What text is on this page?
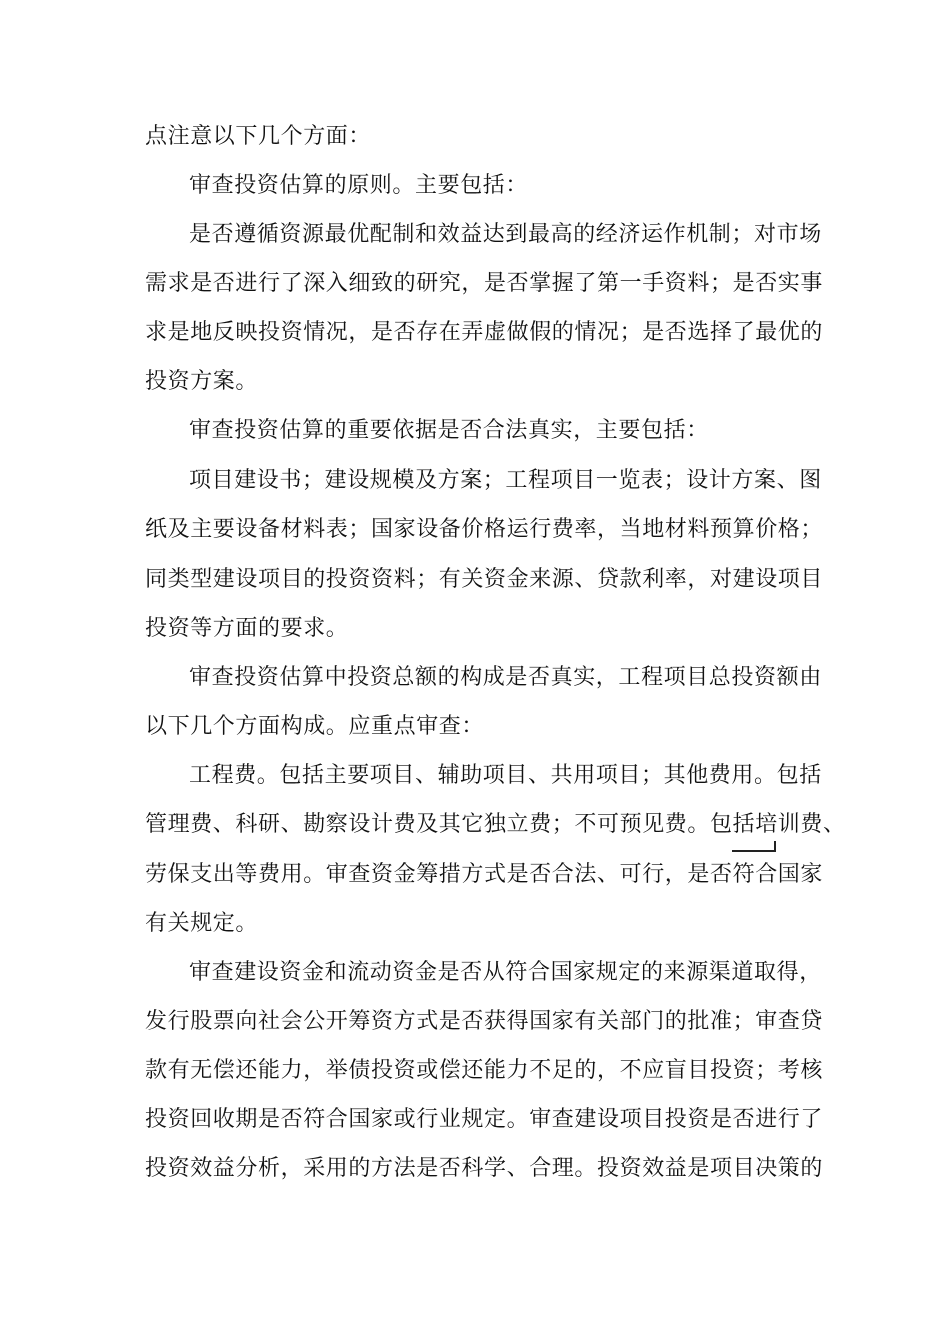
点注意以下几个方面：
审查投资估算的原则。主要包括：
是否遵循资源最优配制和效益达到最高的经济运作机制；对市场
需求是否进行了深入细致的研究，是否掌握了第一手资料；是否实事
求是地反映投资情况，是否存在弄虚做假的情况；是否选择了最优的
投资方案。
审查投资估算的重要依据是否合法真实，主要包括：
项目建设书；建设规模及方案；工程项目一览表；设计方案、图
纸及主要设备材料表；国家设备价格运行费率，当地材料预算价格；
同类型建设项目的投资资料；有关资金来源、贷款利率，对建设项目
投资等方面的要求。
审查投资估算中投资总额的构成是否真实，工程项目总投资额由
以下几个方面构成。应重点审查：
工程费。包括主要项目、辅助项目、共用项目；其他费用。包括
管理费、科研、勘察设计费及其它独立费；不可预见费。包括培训费、
劳保支出等费用。审查资金筹措方式是否合法、可行，是否符合国家
有关规定。
审查建设资金和流动资金是否从符合国家规定的来源渠道取得，
发行股票向社会公开筹资方式是否获得国家有关部门的批准；审查贷
款有无偿还能力，举债投资或偿还能力不足的，不应盲目投资；考核
投资回收期是否符合国家或行业规定。审查建设项目投资是否进行了
投资效益分析，采用的方法是否科学、合理。投资效益是项目决策的
